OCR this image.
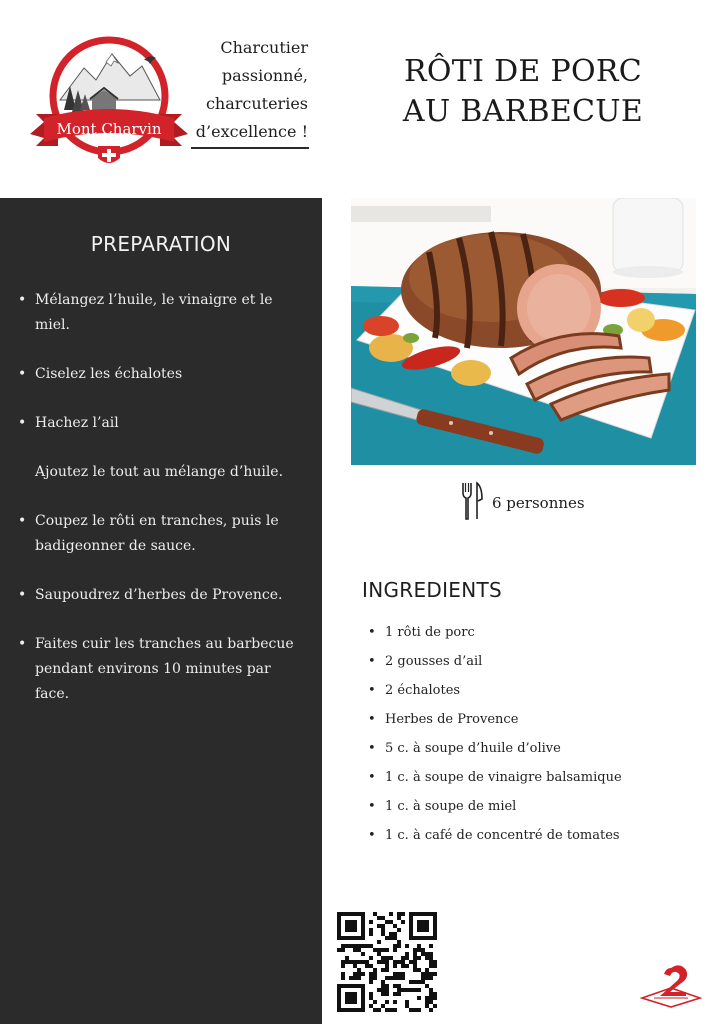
Mont Charvin
Charcutier
passionné,
charcuteries
d’excellence !
RÔTI DE PORC
AU BARBECUE
PREPARATION
• Mélangez l’huile, le vinaigre et le miel.
• Ciselez les échalotes
• Hachez l’ail
Ajoutez le tout au mélange d’huile.
• Coupez le rôti en tranches, puis le badigeonner de sauce.
• Saupoudrez d’herbes de Provence.
• Faites cuir les tranches au barbecue pendant environs 10 minutes par face.
6 personnes
INGREDIENTS
• 1 rôti de porc
• 2 gousses d’ail
• 2 échalotes
• Herbes de Provence
• 5 c. à soupe d’huile d’olive
• 1 c. à soupe de vinaigre balsamique
• 1 c. à soupe de miel
• 1 c. à café de concentré de tomates
